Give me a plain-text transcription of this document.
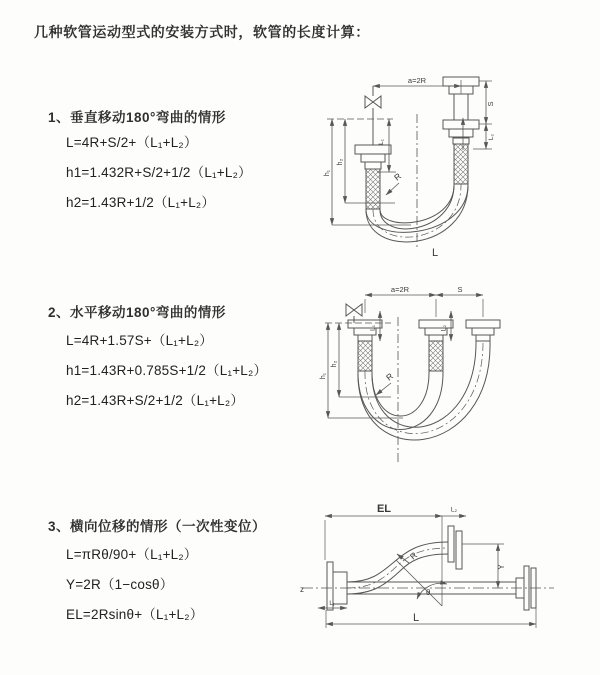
几种软管运动型式的安装方式时，软管的长度计算：
1、垂直移动180°弯曲的情形
L=4R+S/2+（L₁+L₂）
h1=1.432R+S/2+1/2（L₁+L₂）
h2=1.43R+1/2（L₁+L₂）
2、水平移动180°弯曲的情形
L=4R+1.57S+（L₁+L₂）
h1=1.43R+0.785S+1/2（L₁+L₂）
h2=1.43R+S/2+1/2（L₁+L₂）
3、横向位移的情形（一次性变位）
L=πRθ/90+（L₁+L₂）
Y=2R（1−cosθ）
EL=2Rsinθ+（L₁+L₂）
a=2R
S
L₂
h₁
h₂
L₁
R
L
a=2R	S
L₁	L₂
h₁
h₂
R
EL	L₂
Y
R
θ
L
L₁
z
